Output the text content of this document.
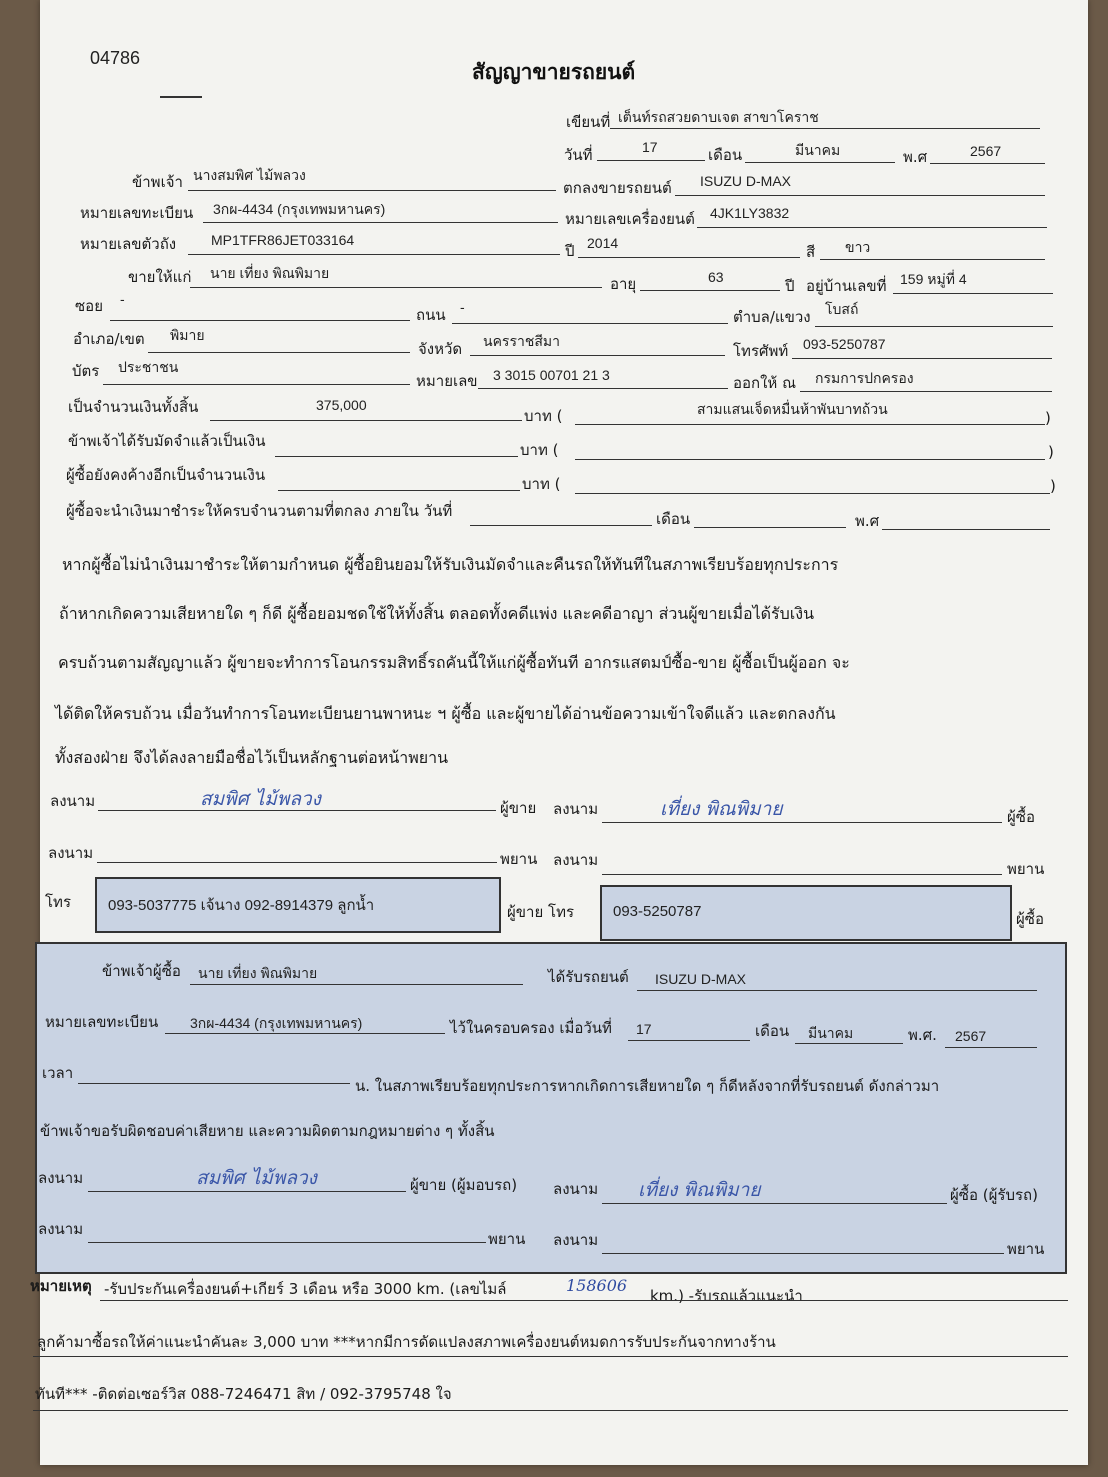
04786
สัญญาขายรถยนต์
เขียนที่ เต็นท์รถสวยดาบเจต สาขาโคราช
วันที่	17	เดือน	มีนาคม	พ.ศ	2567
ข้าพเจ้า นางสมพิศ ไม้พลวง
ตกลงขายรถยนต์ ISUZU D-MAX
หมายเลขทะเบียน 3กผ-4434 (กรุงเทพมหานคร)
หมายเลขเครื่องยนต์ 4JK1LY3832
หมายเลขตัวถัง MP1TFR86JET033164
ปี 2014	สี ขาว
ขายให้แก่ นาย เที่ยง พิณพิมาย
อายุ	63	ปี อยู่บ้านเลขที่ 159 หมู่ที่ 4
ซอย -
ถนน -
ตำบล/แขวง โบสถ์
อำเภอ/เขต พิมาย
จังหวัด นครราชสีมา
โทรศัพท์ 093-5250787
บัตร ประชาชน
หมายเลข 3 3015 00701 21 3	ออกให้ ณ กรมการปกครอง
เป็นจำนวนเงินทั้งสิ้น	375,000
บาท (	สามแสนเจ็ดหมื่นห้าพันบาทถ้วน	)
ข้าพเจ้าได้รับมัดจำแล้วเป็นเงิน	บาท (	)
ผู้ซื้อยังคงค้างอีกเป็นจำนวนเงิน	บาท (	)
ผู้ซื้อจะนำเงินมาชำระให้ครบจำนวนตามที่ตกลง ภายใน วันที่	เดือน	พ.ศ
หากผู้ซื้อไม่นำเงินมาชำระให้ตามกำหนด ผู้ซื้อยินยอมให้รับเงินมัดจำและคืนรถให้ทันทีในสภาพเรียบร้อยทุกประการ
ถ้าหากเกิดความเสียหายใด ๆ ก็ดี ผู้ซื้อยอมชดใช้ให้ทั้งสิ้น ตลอดทั้งคดีแพ่ง และคดีอาญา ส่วนผู้ขายเมื่อได้รับเงิน
ครบถ้วนตามสัญญาแล้ว ผู้ขายจะทำการโอนกรรมสิทธิ์รถคันนี้ให้แก่ผู้ซื้อทันที อากรแสตมป์ซื้อ-ขาย ผู้ซื้อเป็นผู้ออก จะ
ได้ติดให้ครบถ้วน เมื่อวันทำการโอนทะเบียนยานพาหนะ ฯ ผู้ซื้อ และผู้ขายได้อ่านข้อความเข้าใจดีแล้ว และตกลงกัน
ทั้งสองฝ่าย จึงได้ลงลายมือชื่อไว้เป็นหลักฐานต่อหน้าพยาน
ลงนาม	สมพิศ ไม้พลวง	ผู้ขาย ลงนาม	เที่ยง พิณพิมาย	ผู้ซื้อ
ลงนาม	พยาน ลงนาม	พยาน
โทร 093-5037775 เจ้นาง 092-8914379 ลูกน้ำ	ผู้ขาย โทร	093-5250787	ผู้ซื้อ
ข้าพเจ้าผู้ซื้อ นาย เที่ยง พิณพิมาย	ได้รับรถยนต์ ISUZU D-MAX
หมายเลขทะเบียน 3กผ-4434 (กรุงเทพมหานคร)	ไว้ในครอบครอง เมื่อวันที่ 17	เดือน มีนาคม	พ.ศ. 2567
เวลา
น. ในสภาพเรียบร้อยทุกประการหากเกิดการเสียหายใด ๆ ก็ดีหลังจากที่รับรถยนต์ ดังกล่าวมา
ข้าพเจ้าขอรับผิดชอบค่าเสียหาย และความผิดตามกฎหมายต่าง ๆ ทั้งสิ้น
ลงนาม	สมพิศ ไม้พลวง	ผู้ขาย (ผู้มอบรถ) ลงนาม เที่ยง พิณพิมาย	ผู้ซื้อ (ผู้รับรถ)
ลงนาม
พยาน ลงนาม	พยาน
หมายเหตุ -รับประกันเครื่องยนต์+เกียร์ 3 เดือน หรือ 3000 km. (เลขไมล์	158606
km.) -รับรถแล้วแนะนำ
ลูกค้ามาซื้อรถให้ค่าแนะนำคันละ 3,000 บาท ***หากมีการดัดแปลงสภาพเครื่องยนต์หมดการรับประกันจากทางร้าน
ทันที*** -ติดต่อเซอร์วิส 088-7246471 สิท / 092-3795748 ใจ
